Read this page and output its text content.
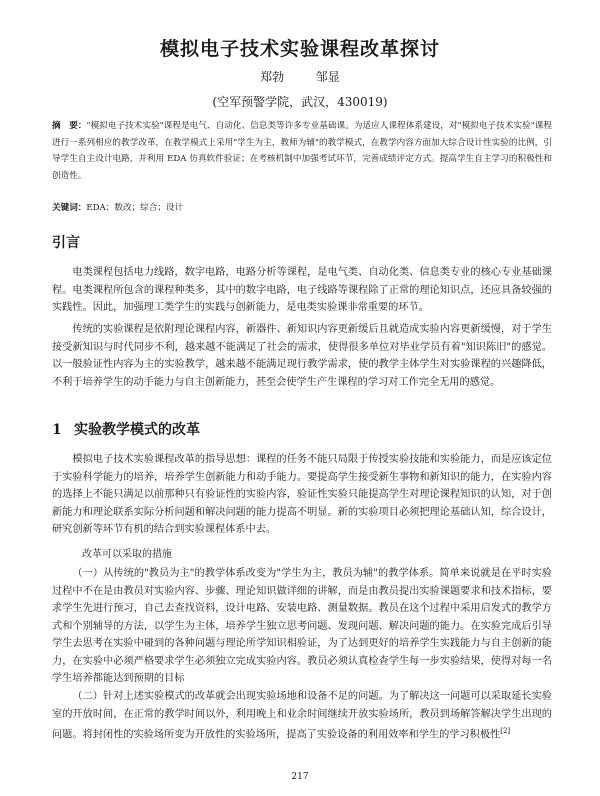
模拟电子技术实验课程改革探讨
郑勃	邹显
(空军预警学院，武汉，430019)
摘　要："模拟电子技术实验"课程是电气、自动化、信息类等许多专业基础课。为适应人课程体系建设，对"模拟电子技术实验"课程进行一系列相应的教学改革，在教学模式上采用"学生为主，教师为辅"的教学模式，在教学内容方面加大综合设计性实验的比例，引导学生自主设计电路，并利用 EDA 仿真软件验证；在考核机制中加强考试环节，完善成绩评定方式。提高学生自主学习的积极性和创造性。
关键词：EDA；数改；综合；设计
引言

电类课程包括电力线路，数字电路，电路分析等课程，是电气类、自动化类、信息类专业的核心专业基础课程。电类课程所包含的课程种类多，其中的数字电路，电子线路等课程除了正常的理论知识点，还应具备较强的实践性。因此，加强理工类学生的实践与创新能力，是电类实验课非常重要的环节。

传统的实验课程是依附理论课程内容，新器件、新知识内容更新缓后且就造成实验内容更新缓慢，对于学生接受新知识与时代同步不利，越来越不能满足了社会的需求，使得很多单位对毕业学员有着"知识陈旧"的感觉。以一般验证性内容为主的实验教学，越来越不能满足现行教学需求，使的教学主体学生对实验课程的兴趣降低，不利于培养学生的动手能力与自主创新能力，甚至会使学生产生课程的学习对工作完全无用的感觉。

1 实验教学模式的改革

模拟电子技术实验课程改革的指导思想：课程的任务不能只局限于传授实验技能和实验能力，而是应该定位于实验科学能力的培养，培养学生创新能力和动手能力。要提高学生接受新生事物和新知识的能力，在实验内容的选择上不能只满足以前那种只有验证性的实验内容，验证性实验只能提高学生对理论课程知识的认知，对于创新能力和理论联系实际分析问题和解决问题的能力提高不明显。新的实验项目必须把理论基础认知，综合设计，研究创新等环节有机的结合到实验课程体系中去。

改革可以采取的措施

（一）从传统的"教员为主"的教学体系改变为"学生为主，教员为辅"的教学体系。简单来说就是在平时实验过程中不在是由教员对实验内容、步骤、理论知识做详细的讲解，而是由教员提出实验课题要求和技术指标，要求学生先进行预习，自己去查找资料，设计电路、安装电路、测量数据。教员在这个过程中采用启发式的教学方式和个别辅导的方法，以学生为主体，培养学生独立思考问题、发现问题、解决问题的能力。在实验完成后引导学生去思考在实验中碰到的各种问题与理论所学知识相验证，为了达到更好的培养学生实践能力与自主创新的能力，在实验中必须严格要求学生必须独立完成实验内容。教员必须认真检查学生每一步实验结果，使得对每一名学生培养都能达到预期的目标

（二）针对上述实验模式的改革就会出现实验场地和设备不足的问题。为了解决这一问题可以采取延长实验室的开放时间，在正常的教学时间以外，利用晚上和业余时间继续开放实验场所，教员到场解答解决学生出现的问题。将封闭性的实验场所变为开放性的实验场所，提高了实验设备的利用效率和学生的学习积极性[2]

217
